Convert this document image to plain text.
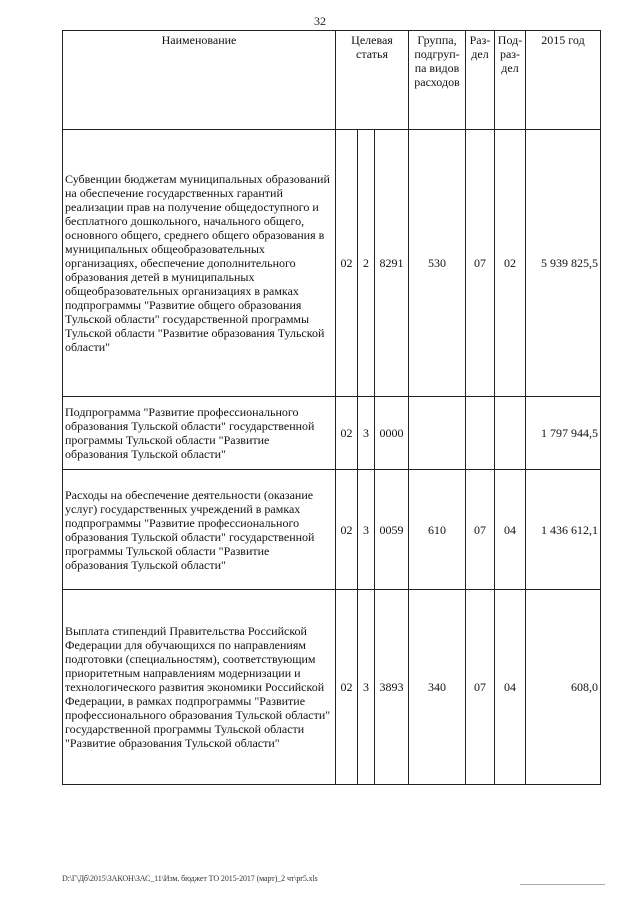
32
Наименование	Целевая статья			Группа, подгруп-па видов расходов	Раз-дел	Под-раз-дел	2015 год
Субвенции бюджетам муниципальных образований на обеспечение государственных гарантий реализации прав на получение общедоступного и бесплатного дошкольного, начального общего, основного общего, среднего общего образования в муниципальных общеобразовательных организациях, обеспечение дополнительного образования детей в муниципальных общеобразовательных организациях в рамках подпрограммы "Развитие общего образования Тульской области" государственной программы Тульской области "Развитие образования Тульской области"	02	2	8291	530	07	02	5 939 825,5
Подпрограмма "Развитие профессионального образования Тульской области" государственной программы Тульской области "Развитие образования Тульской области"	02	3	0000				1 797 944,5
Расходы на обеспечение деятельности (оказание услуг) государственных учреждений в рамках подпрограммы "Развитие профессионального образования Тульской области" государственной программы Тульской области "Развитие образования Тульской области"	02	3	0059	610	07	04	1 436 612,1
Выплата стипендий Правительства Российской Федерации для обучающихся по направлениям подготовки (специальностям), соответствующим приоритетным направлениям модернизации и технологического развития экономики Российской Федерации, в рамках подпрограммы "Развитие профессионального образования Тульской области" государственной программы Тульской области "Развитие образования Тульской области"	02	3	3893	340	07	04	608,0
D:\Г\Дб\2015\ЗАКОН\ЗАС_11\Изм. бюджет ТО 2015-2017 (март)_2 чт\pr5.xls
